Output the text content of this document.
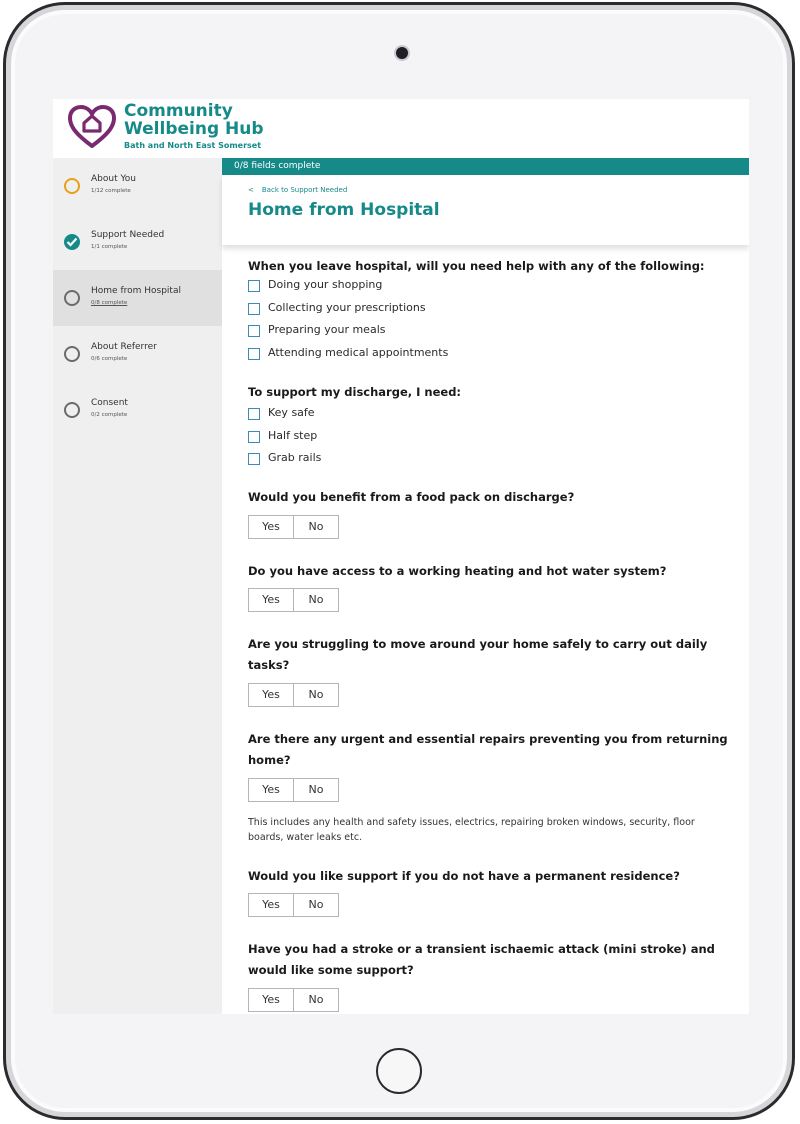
Community
Wellbeing Hub
Bath and North East Somerset
About You
1/12 complete
Support Needed
1/1 complete
Home from Hospital
0/8 complete
About Referrer
0/6 complete
Consent
0/2 complete
0/8 fields complete
< Back to Support Needed
Home from Hospital
When you leave hospital, will you need help with any of the following:
Doing your shopping
Collecting your prescriptions
Preparing your meals
Attending medical appointments
To support my discharge, I need:
Key safe
Half step
Grab rails
Would you benefit from a food pack on discharge?
Yes	No
Do you have access to a working heating and hot water system?
Yes	No
Are you struggling to move around your home safely to carry out daily tasks?
Yes	No
Are there any urgent and essential repairs preventing you from returning home?
Yes	No
This includes any health and safety issues, electrics, repairing broken windows, security, floor boards, water leaks etc.
Would you like support if you do not have a permanent residence?
Yes	No
Have you had a stroke or a transient ischaemic attack (mini stroke) and would like some support?
Yes	No
